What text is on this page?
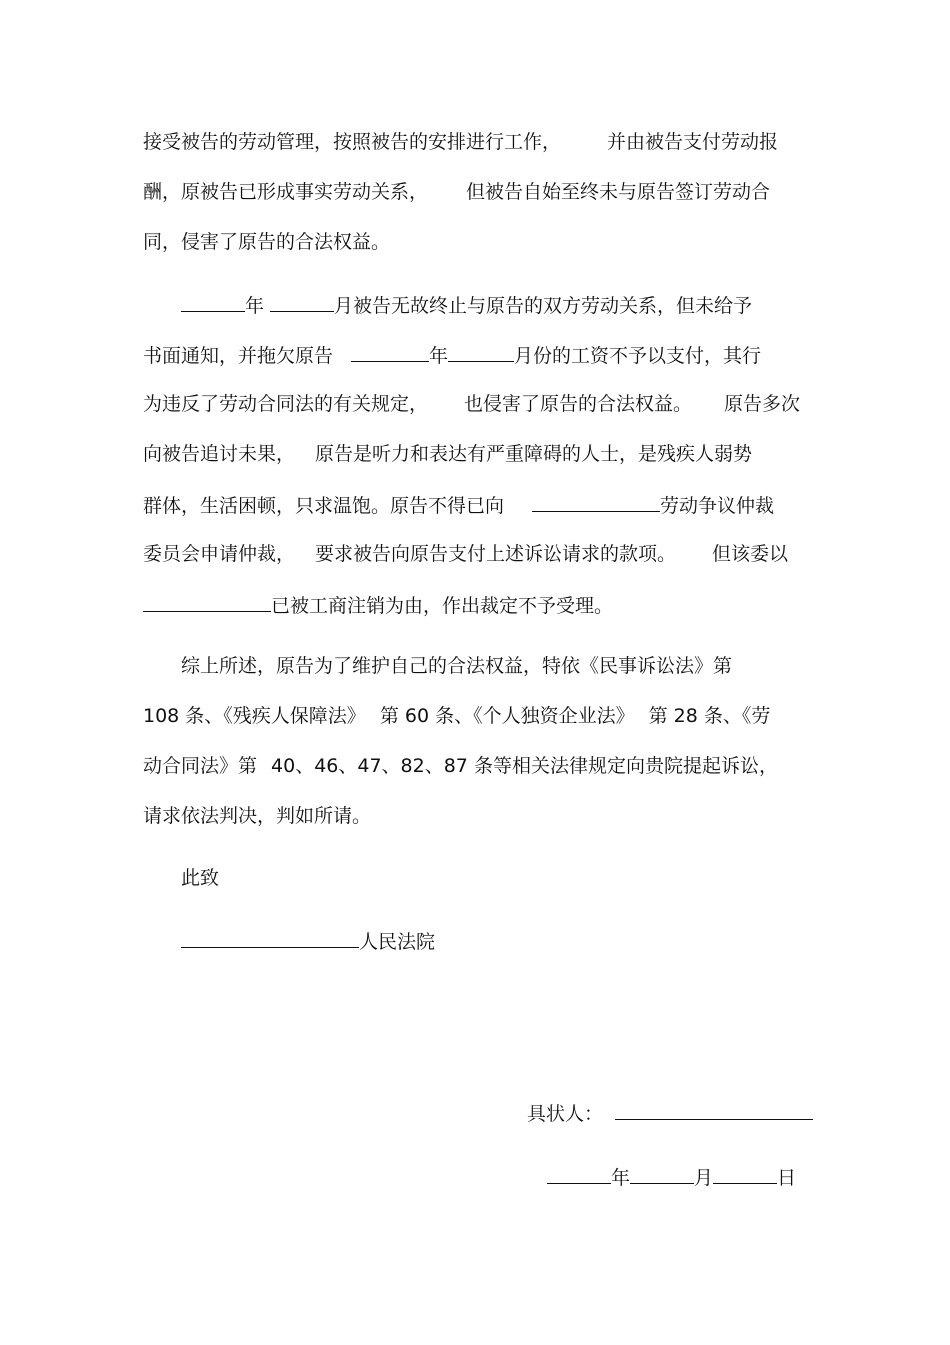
接受被告的劳动管理，按照被告的安排进行工作， 并由被告支付劳动报
酬，原被告已形成事实劳动关系， 但被告自始至终未与原告签订劳动合
同，侵害了原告的合法权益。
年	月被告无故终止与原告的双方劳动关系，但未给予
书面通知，并拖欠原告	年	月份的工资不予以支付，其行
为违反了劳动合同法的有关规定， 也侵害了原告的合法权益。 原告多次
向被告追讨未果， 原告是听力和表达有严重障碍的人士，是残疾人弱势
群体，生活困顿，只求温饱。原告不得已向	劳动争议仲裁
委员会申请仲裁， 要求被告向原告支付上述诉讼请求的款项。 但该委以
已被工商注销为由，作出裁定不予受理。
综上所述，原告为了维护自己的合法权益，特依《民事诉讼法》第
108 条、《残疾人保障法》 第 60 条、《个人独资企业法》 第 28 条、《劳
动合同法》第 40、46、47、82、87 条等相关法律规定向贵院提起诉讼，
请求依法判决，判如所请。
此致
人民法院
具状人：
年	月	日
